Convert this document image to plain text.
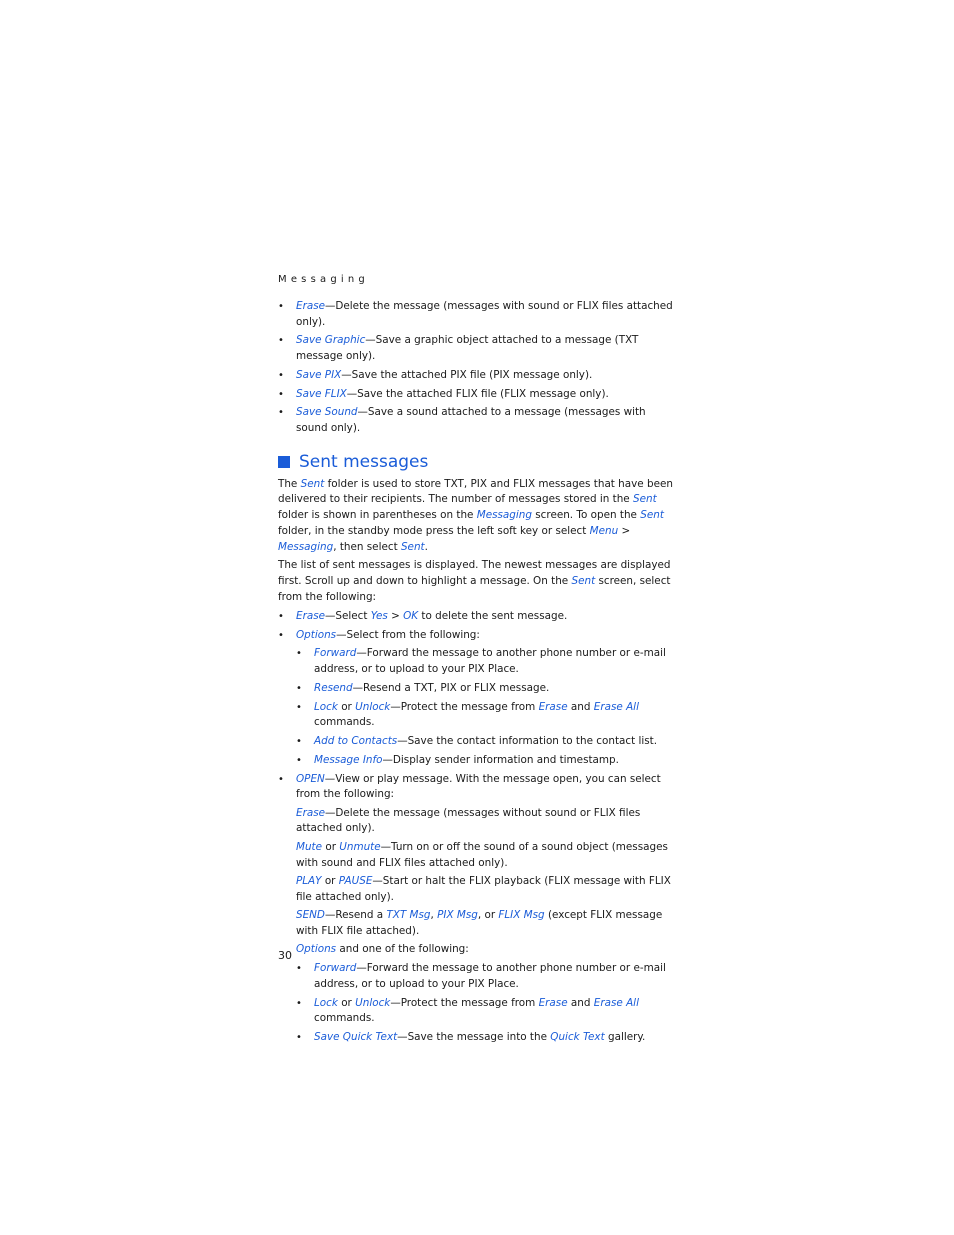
Messaging
• Erase—Delete the message (messages with sound or FLIX files attached only).
• Save Graphic—Save a graphic object attached to a message (TXT message only).
• Save PIX—Save the attached PIX file (PIX message only).
• Save FLIX—Save the attached FLIX file (FLIX message only).
• Save Sound—Save a sound attached to a message (messages with sound only).
Sent messages

The Sent folder is used to store TXT, PIX and FLIX messages that have been delivered to their recipients. The number of messages stored in the Sent folder is shown in parentheses on the Messaging screen. To open the Sent folder, in the standby mode press the left soft key or select Menu > Messaging, then select Sent.

The list of sent messages is displayed. The newest messages are displayed first. Scroll up and down to highlight a message. On the Sent screen, select from the following:

• Erase—Select Yes > OK to delete the sent message.
• Options—Select from the following:
• Forward—Forward the message to another phone number or e-mail address, or to upload to your PIX Place.
• Resend—Resend a TXT, PIX or FLIX message.
• Lock or Unlock—Protect the message from Erase and Erase All commands.
• Add to Contacts—Save the contact information to the contact list.
• Message Info—Display sender information and timestamp.
• OPEN—View or play message. With the message open, you can select from the following:
Erase—Delete the message (messages without sound or FLIX files attached only).
Mute or Unmute—Turn on or off the sound of a sound object (messages with sound and FLIX files attached only).
PLAY or PAUSE—Start or halt the FLIX playback (FLIX message with FLIX file attached only).
SEND—Resend a TXT Msg, PIX Msg, or FLIX Msg (except FLIX message with FLIX file attached).
Options and one of the following:
• Forward—Forward the message to another phone number or e-mail address, or to upload to your PIX Place.
• Lock or Unlock—Protect the message from Erase and Erase All commands.
• Save Quick Text—Save the message into the Quick Text gallery.
30
